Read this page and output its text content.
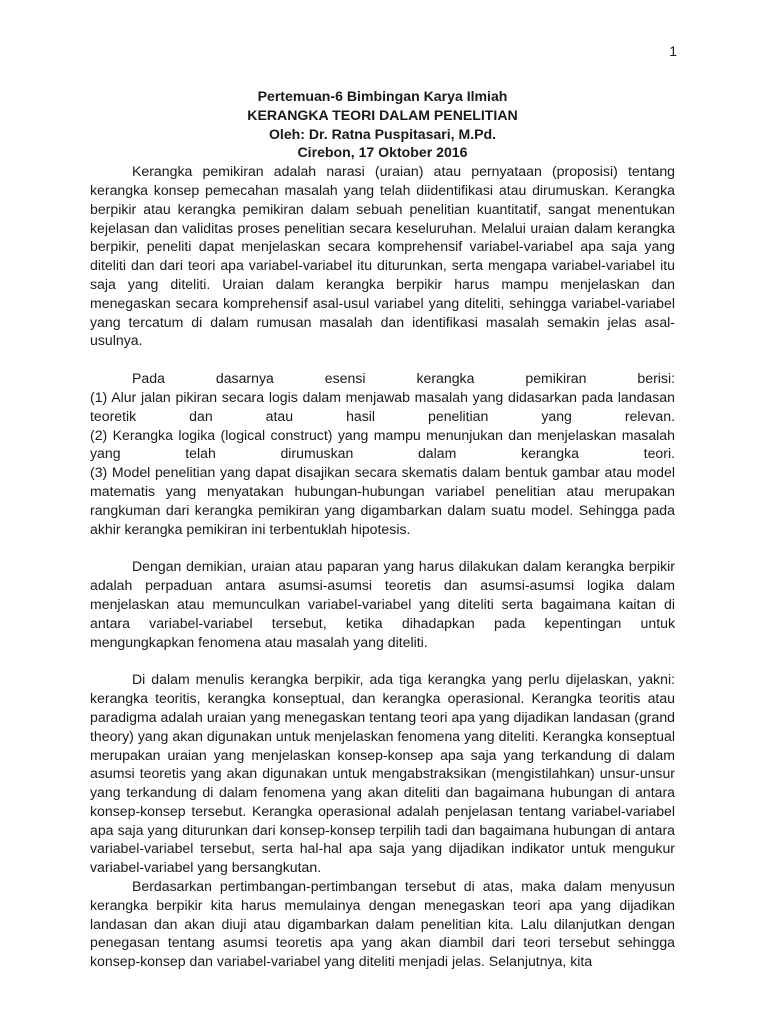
1
Pertemuan-6 Bimbingan Karya Ilmiah
KERANGKA TEORI DALAM PENELITIAN
Oleh: Dr. Ratna Puspitasari, M.Pd.
Cirebon, 17 Oktober 2016

Kerangka pemikiran adalah narasi (uraian) atau pernyataan (proposisi) tentang kerangka konsep pemecahan masalah yang telah diidentifikasi atau dirumuskan. Kerangka berpikir atau kerangka pemikiran dalam sebuah penelitian kuantitatif, sangat menentukan kejelasan dan validitas proses penelitian secara keseluruhan. Melalui uraian dalam kerangka berpikir, peneliti dapat menjelaskan secara komprehensif variabel-variabel apa saja yang diteliti dan dari teori apa variabel-variabel itu diturunkan, serta mengapa variabel-variabel itu saja yang diteliti. Uraian dalam kerangka berpikir harus mampu menjelaskan dan menegaskan secara komprehensif asal-usul variabel yang diteliti, sehingga variabel-variabel yang tercatum di dalam rumusan masalah dan identifikasi masalah semakin jelas asal-usulnya.

Pada dasarnya esensi kerangka pemikiran berisi:

(1) Alur jalan pikiran secara logis dalam menjawab masalah yang didasarkan pada landasan
teoretik dan atau hasil penelitian yang relevan.
(2) Kerangka logika (logical construct) yang mampu menunjukan dan menjelaskan masalah
yang telah dirumuskan dalam kerangka teori.

(3) Model penelitian yang dapat disajikan secara skematis dalam bentuk gambar atau model matematis yang menyatakan hubungan-hubungan variabel penelitian atau merupakan rangkuman dari kerangka pemikiran yang digambarkan dalam suatu model. Sehingga pada akhir kerangka pemikiran ini terbentuklah hipotesis.

Dengan demikian, uraian atau paparan yang harus dilakukan dalam kerangka berpikir adalah perpaduan antara asumsi-asumsi teoretis dan asumsi-asumsi logika dalam menjelaskan atau memunculkan variabel-variabel yang diteliti serta bagaimana kaitan di antara variabel-variabel tersebut, ketika dihadapkan pada kepentingan untuk mengungkapkan fenomena atau masalah yang diteliti.

Di dalam menulis kerangka berpikir, ada tiga kerangka yang perlu dijelaskan, yakni: kerangka teoritis, kerangka konseptual, dan kerangka operasional. Kerangka teoritis atau paradigma adalah uraian yang menegaskan tentang teori apa yang dijadikan landasan (grand theory) yang akan digunakan untuk menjelaskan fenomena yang diteliti. Kerangka konseptual merupakan uraian yang menjelaskan konsep-konsep apa saja yang terkandung di dalam asumsi teoretis yang akan digunakan untuk mengabstraksikan (mengistilahkan) unsur-unsur yang terkandung di dalam fenomena yang akan diteliti dan bagaimana hubungan di antara konsep-konsep tersebut. Kerangka operasional adalah penjelasan tentang variabel-variabel apa saja yang diturunkan dari konsep-konsep terpilih tadi dan bagaimana hubungan di antara variabel-variabel tersebut, serta hal-hal apa saja yang dijadikan indikator untuk mengukur variabel-variabel yang bersangkutan.

Berdasarkan pertimbangan-pertimbangan tersebut di atas, maka dalam menyusun kerangka berpikir kita harus memulainya dengan menegaskan teori apa yang dijadikan landasan dan akan diuji atau digambarkan dalam penelitian kita. Lalu dilanjutkan dengan penegasan tentang asumsi teoretis apa yang akan diambil dari teori tersebut sehingga konsep-konsep dan variabel-variabel yang diteliti menjadi jelas. Selanjutnya, kita
